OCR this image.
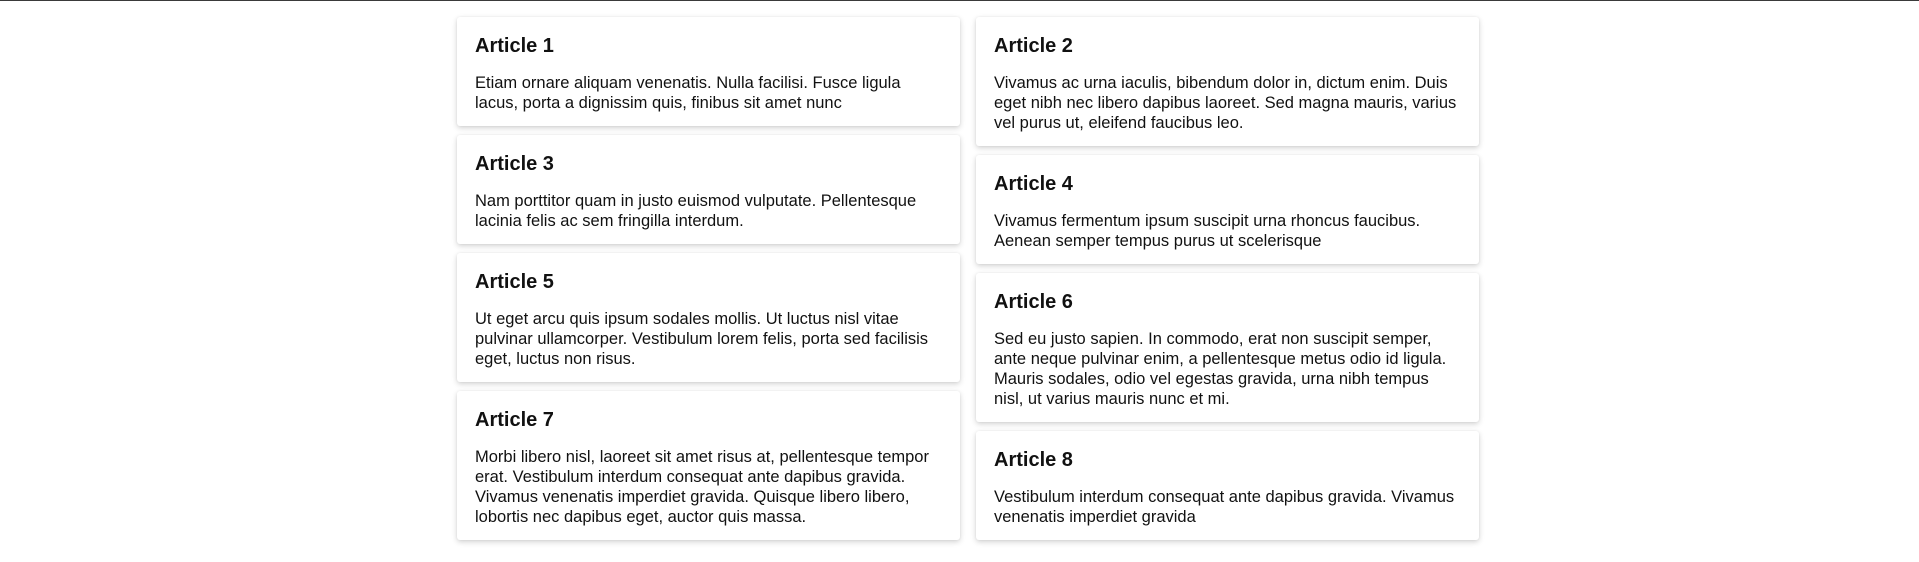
Article 1

Etiam ornare aliquam venenatis. Nulla facilisi. Fusce ligula lacus, porta a dignissim quis, finibus sit amet nunc

Article 3

Nam porttitor quam in justo euismod vulputate. Pellentesque lacinia felis ac sem fringilla interdum.

Article 5

Ut eget arcu quis ipsum sodales mollis. Ut luctus nisl vitae pulvinar ullamcorper. Vestibulum lorem felis, porta sed facilisis eget, luctus non risus.

Article 7

Morbi libero nisl, laoreet sit amet risus at, pellentesque tempor erat. Vestibulum interdum consequat ante dapibus gravida. Vivamus venenatis imperdiet gravida. Quisque libero libero, lobortis nec dapibus eget, auctor quis massa.

Article 2

Vivamus ac urna iaculis, bibendum dolor in, dictum enim. Duis eget nibh nec libero dapibus laoreet. Sed magna mauris, varius vel purus ut, eleifend faucibus leo.

Article 4

Vivamus fermentum ipsum suscipit urna rhoncus faucibus. Aenean semper tempus purus ut scelerisque

Article 6

Sed eu justo sapien. In commodo, erat non suscipit semper, ante neque pulvinar enim, a pellentesque metus odio id ligula. Mauris sodales, odio vel egestas gravida, urna nibh tempus nisl, ut varius mauris nunc et mi.

Article 8

Vestibulum interdum consequat ante dapibus gravida. Vivamus venenatis imperdiet gravida
